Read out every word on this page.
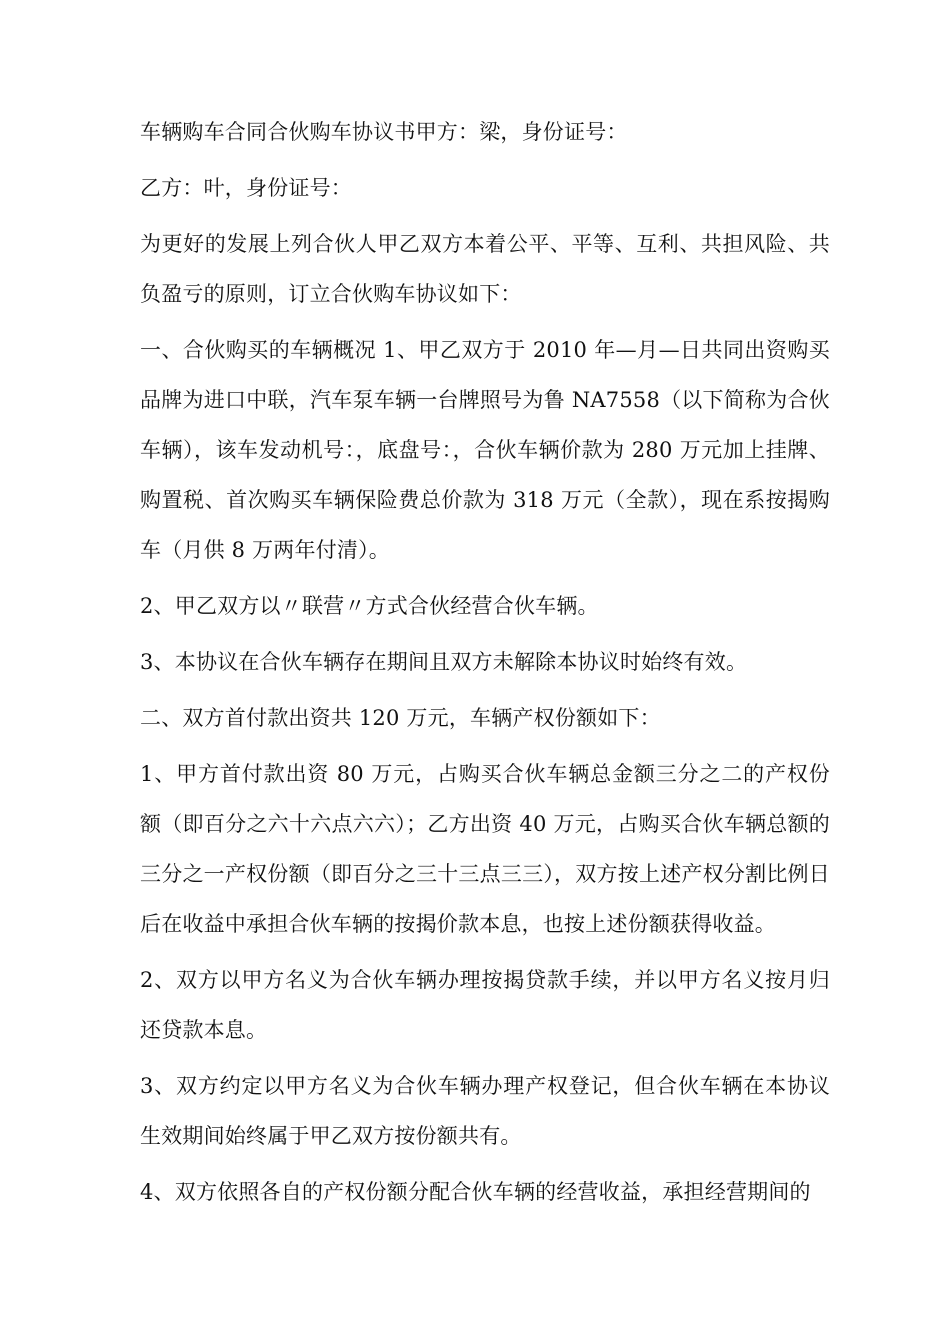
车辆购车合同合伙购车协议书甲方：梁，身份证号：

乙方：叶，身份证号：

为更好的发展上列合伙人甲乙双方本着公平、平等、互利、共担风险、共负盈亏的原则，订立合伙购车协议如下：

一、合伙购买的车辆概况 1、甲乙双方于 2010 年—月—日共同出资购买品牌为进口中联，汽车泵车辆一台牌照号为鲁 NA7558（以下简称为合伙车辆），该车发动机号：，底盘号：，合伙车辆价款为 280 万元加上挂牌、购置税、首次购买车辆保险费总价款为 318 万元（全款），现在系按揭购车（月供 8 万两年付清）。

2、甲乙双方以〃联营〃方式合伙经营合伙车辆。

3、本协议在合伙车辆存在期间且双方未解除本协议时始终有效。

二、双方首付款出资共 120 万元，车辆产权份额如下：

1、甲方首付款出资 80 万元，占购买合伙车辆总金额三分之二的产权份额（即百分之六十六点六六）；乙方出资 40 万元，占购买合伙车辆总额的三分之一产权份额（即百分之三十三点三三），双方按上述产权分割比例日后在收益中承担合伙车辆的按揭价款本息，也按上述份额获得收益。

2、双方以甲方名义为合伙车辆办理按揭贷款手续，并以甲方名义按月归还贷款本息。

3、双方约定以甲方名义为合伙车辆办理产权登记，但合伙车辆在本协议生效期间始终属于甲乙双方按份额共有。

4、双方依照各自的产权份额分配合伙车辆的经营收益，承担经营期间的
